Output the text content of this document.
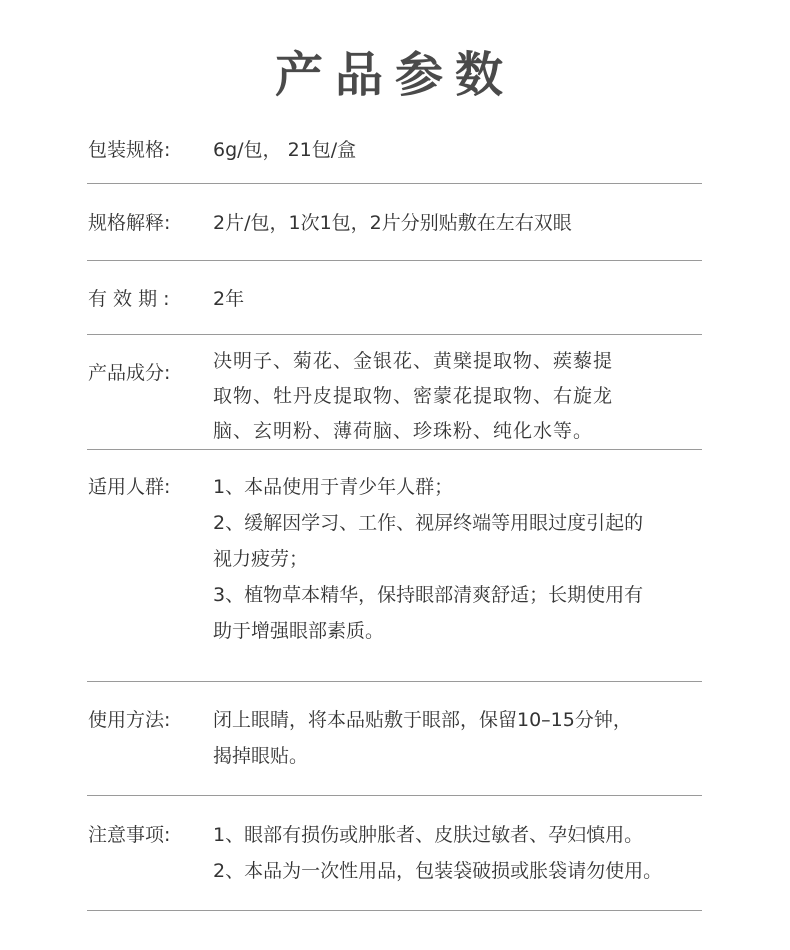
产品参数
包装规格:	6g/包， 21包/盒
规格解释:	2片/包，1次1包，2片分别贴敷在左右双眼
有 效 期 :	2年
产品成分:
决明子、菊花、金银花、黄檗提取物、蒺藜提
取物、牡丹皮提取物、密蒙花提取物、右旋龙
脑、玄明粉、薄荷脑、珍珠粉、纯化水等。
适用人群:	1、本品使用于青少年人群；
2、缓解因学习、工作、视屏终端等用眼过度引起的
视力疲劳；
3、植物草本精华，保持眼部清爽舒适；长期使用有
助于增强眼部素质。
使用方法:	闭上眼睛，将本品贴敷于眼部，保留10–15分钟，
揭掉眼贴。
注意事项:	1、眼部有损伤或肿胀者、皮肤过敏者、孕妇慎用。
2、本品为一次性用品，包装袋破损或胀袋请勿使用。
